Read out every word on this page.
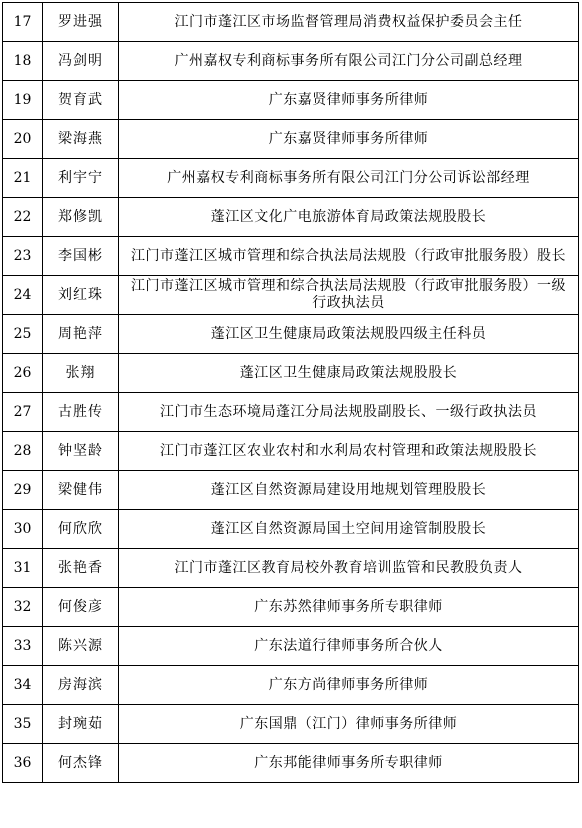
17	罗进强	江门市蓬江区市场监督管理局消费权益保护委员会主任
18	冯剑明	广州嘉权专利商标事务所有限公司江门分公司副总经理
19	贺育武	广东嘉贤律师事务所律师
20	梁海燕	广东嘉贤律师事务所律师
21	利宇宁	广州嘉权专利商标事务所有限公司江门分公司诉讼部经理
22	郑修凯	蓬江区文化广电旅游体育局政策法规股股长
23	李国彬	江门市蓬江区城市管理和综合执法局法规股（行政审批服务股）股长
24	刘红珠	江门市蓬江区城市管理和综合执法局法规股（行政审批服务股）一级行政执法员
25	周艳萍	蓬江区卫生健康局政策法规股四级主任科员
26	张翔	蓬江区卫生健康局政策法规股股长
27	古胜传	江门市生态环境局蓬江分局法规股副股长、一级行政执法员
28	钟坚龄	江门市蓬江区农业农村和水利局农村管理和政策法规股股长
29	梁健伟	蓬江区自然资源局建设用地规划管理股股长
30	何欣欣	蓬江区自然资源局国土空间用途管制股股长
31	张艳香	江门市蓬江区教育局校外教育培训监管和民教股负责人
32	何俊彦	广东苏然律师事务所专职律师
33	陈兴源	广东法道行律师事务所合伙人
34	房海滨	广东方尚律师事务所律师
35	封琬茹	广东国鼎（江门）律师事务所律师
36	何杰锋	广东邦能律师事务所专职律师
